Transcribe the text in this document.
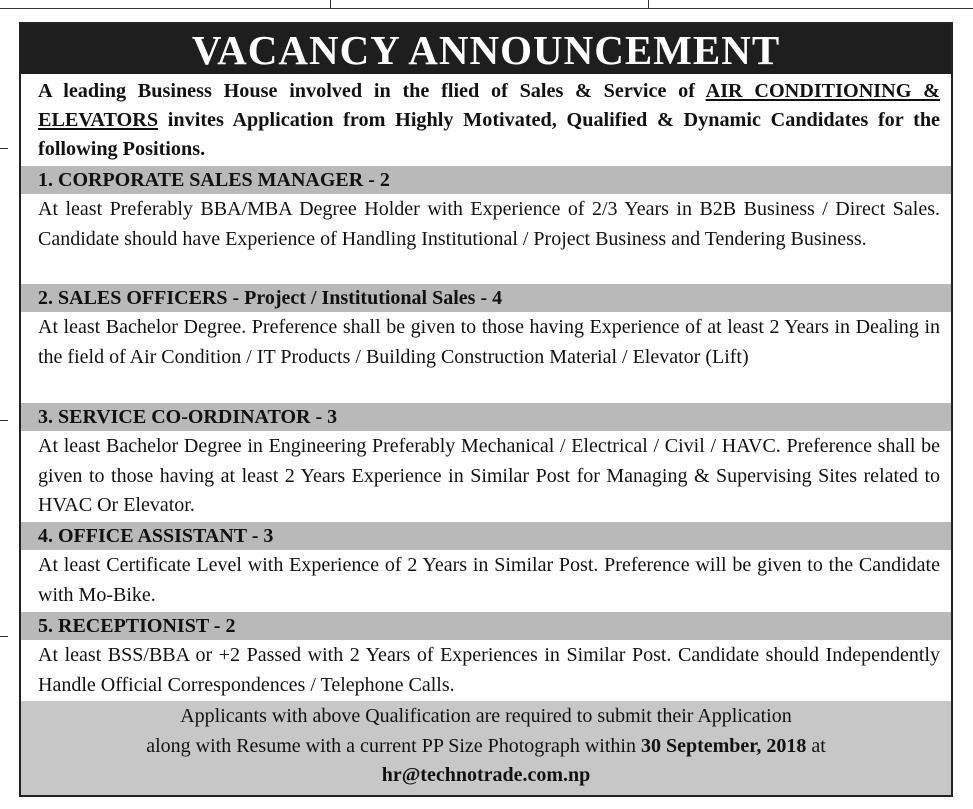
VACANCY ANNOUNCEMENT
A leading Business House involved in the flied of Sales & Service of AIR CONDITIONING & ELEVATORS invites Application from Highly Motivated, Qualified & Dynamic Candidates for the following Positions.
1. CORPORATE SALES MANAGER - 2
At least Preferably BBA/MBA Degree Holder with Experience of 2/3 Years in B2B Business / Direct Sales. Candidate should have Experience of Handling Institutional / Project Business and Tendering Business.
2. SALES OFFICERS - Project / Institutional Sales - 4
At least Bachelor Degree. Preference shall be given to those having Experience of at least 2 Years in Dealing in the field of Air Condition / IT Products / Building Construction Material / Elevator (Lift)
3. SERVICE CO-ORDINATOR - 3
At least Bachelor Degree in Engineering Preferably Mechanical / Electrical / Civil / HAVC. Preference shall be given to those having at least 2 Years Experience in Similar Post for Managing & Supervising Sites related to HVAC Or Elevator.
4. OFFICE ASSISTANT - 3
At least Certificate Level with Experience of 2 Years in Similar Post. Preference will be given to the Candidate with Mo-Bike.
5. RECEPTIONIST - 2
At least BSS/BBA or +2 Passed with 2 Years of Experiences in Similar Post. Candidate should Independently Handle Official Correspondences / Telephone Calls.
Applicants with above Qualification are required to submit their Application
along with Resume with a current PP Size Photograph within 30 September, 2018 at
hr@technotrade.com.np
